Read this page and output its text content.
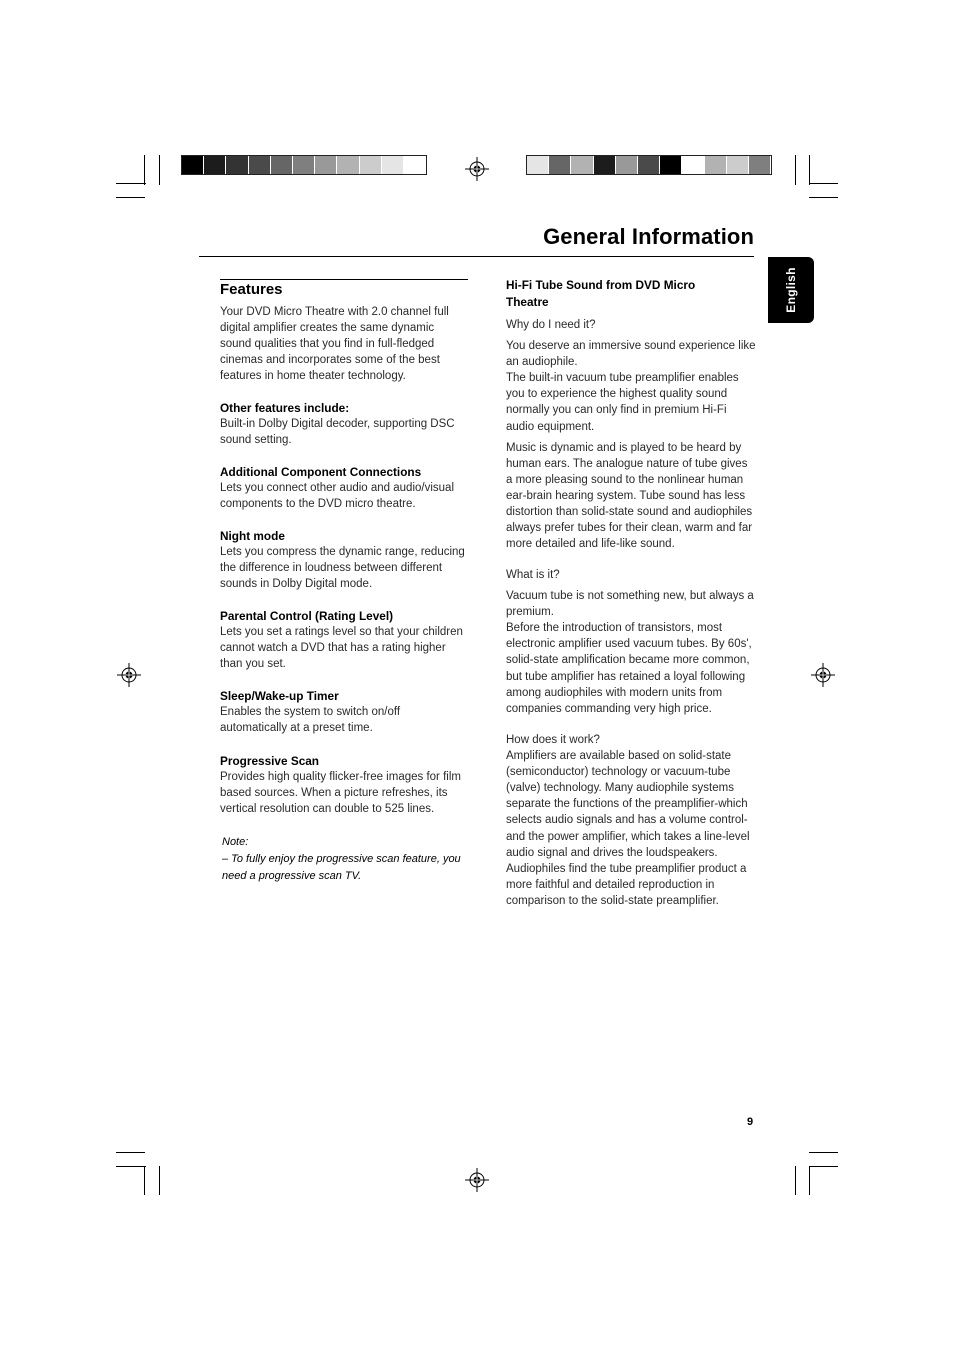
General Information
English
Features

Your DVD Micro Theatre with 2.0 channel full digital amplifier creates the same dynamic sound qualities that you find in full-fledged cinemas and incorporates some of the best features in home theater technology.

Other features include:

Built-in Dolby Digital decoder, supporting DSC sound setting.

Additional Component Connections

Lets you connect other audio and audio/visual components to the DVD micro theatre.

Night mode

Lets you compress the dynamic range, reducing the difference in loudness between different sounds in Dolby Digital mode.

Parental Control (Rating Level)

Lets you set a ratings level so that your children cannot watch a DVD that has a rating higher than you set.

Sleep/Wake-up Timer

Enables the system to switch on/off automatically at a preset time.

Progressive Scan

Provides high quality flicker-free images for film based sources. When a picture refreshes, its vertical resolution can double to 525 lines.

Note:

– To fully enjoy the progressive scan feature, you need a progressive scan TV.

Hi-Fi Tube Sound from DVD Micro Theatre

Why do I need it?

You deserve an immersive sound experience like an audiophile.

The built-in vacuum tube preamplifier enables you to experience the highest quality sound normally you can only find in premium Hi-Fi audio equipment.

Music is dynamic and is played to be heard by human ears. The analogue nature of tube gives a more pleasing sound to the nonlinear human ear-brain hearing system. Tube sound has less distortion than solid-state sound and audiophiles always prefer tubes for their clean, warm and far more detailed and life-like sound.

What is it?

Vacuum tube is not something new, but always a premium.

Before the introduction of transistors, most electronic amplifier used vacuum tubes. By 60s', solid-state amplification became more common, but tube amplifier has retained a loyal following among audiophiles with modern units from companies commanding very high price.

How does it work?

Amplifiers are available based on solid-state (semiconductor) technology or vacuum-tube (valve) technology. Many audiophile systems separate the functions of the preamplifier-which selects audio signals and has a volume control- and the power amplifier, which takes a line-level audio signal and drives the loudspeakers.

Audiophiles find the tube preamplifier product a more faithful and detailed reproduction in comparison to the solid-state preamplifier.

9
